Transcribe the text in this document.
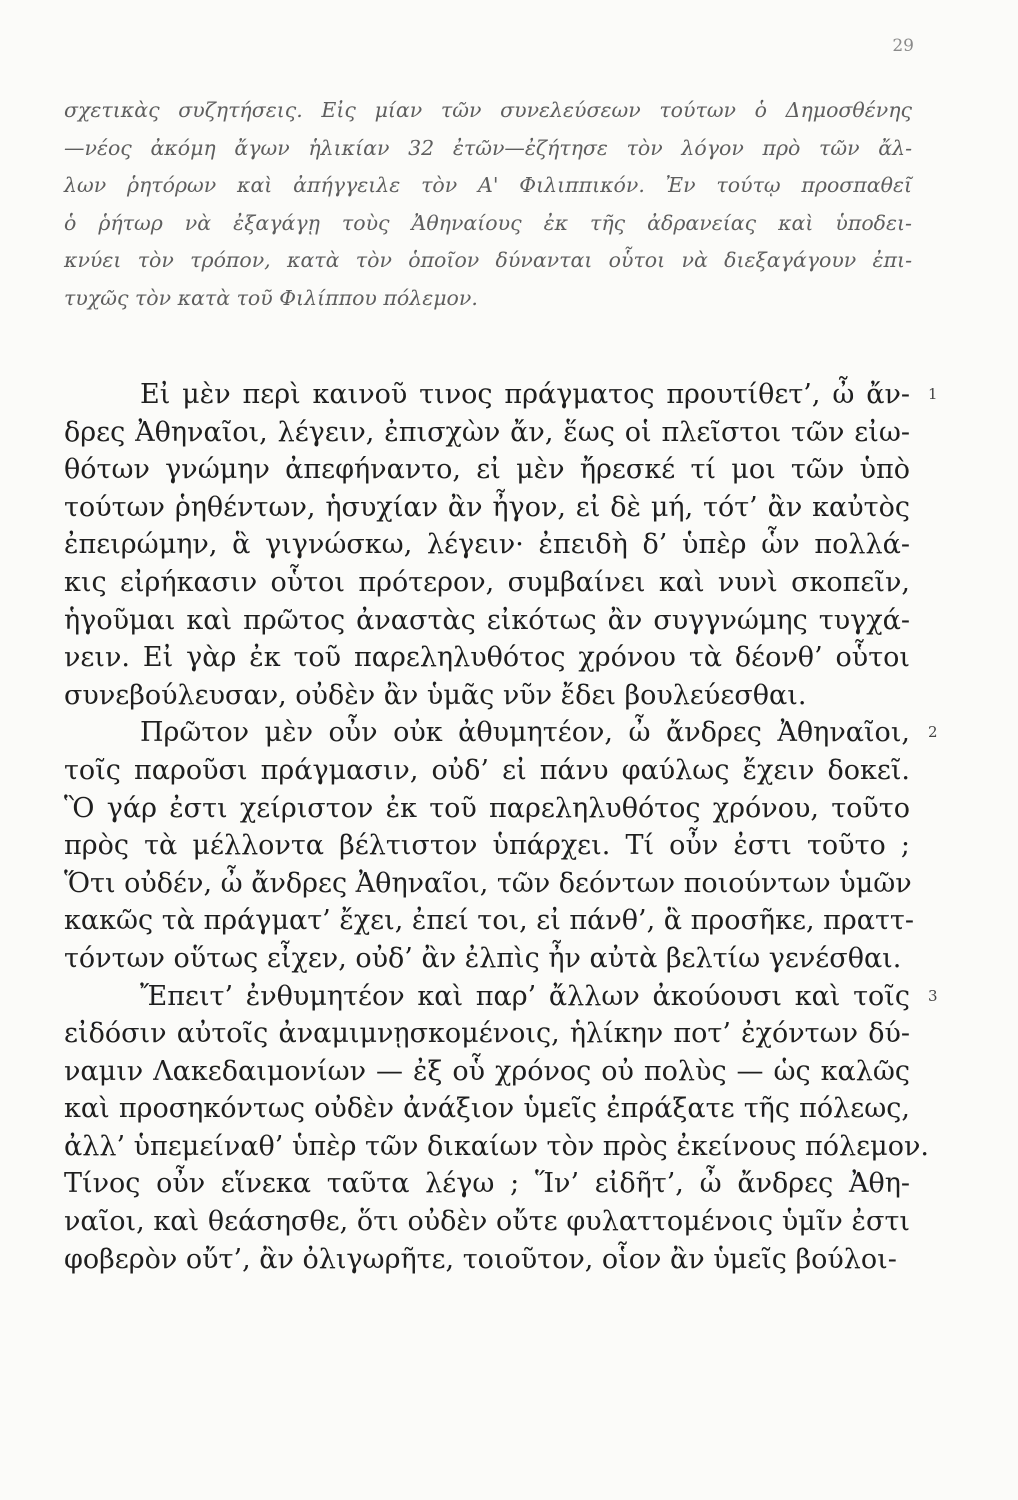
29
σχετικὰς συζητήσεις. Εἰς μίαν τῶν συνελεύσεων τούτων ὁ Δημοσθένης
—νέος ἀκόμη ἄγων ἡλικίαν 32 ἐτῶν—ἐζήτησε τὸν λόγον πρὸ τῶν ἄλ-
λων ῥητόρων καὶ ἀπήγγειλε τὸν Α' Φιλιππικόν. Ἐν τούτῳ προσπαθεῖ
ὁ ῥήτωρ νὰ ἐξαγάγῃ τοὺς Ἀθηναίους ἐκ τῆς ἀδρανείας καὶ ὑποδει-
κνύει τὸν τρόπον, κατὰ τὸν ὁποῖον δύνανται οὗτοι νὰ διεξαγάγουν ἐπι-
τυχῶς τὸν κατὰ τοῦ Φιλίππου πόλεμον.
1
Εἰ μὲν περὶ καινοῦ τινος πράγματος προυτίθετ’, ὦ ἄν-
δρες Ἀθηναῖοι, λέγειν, ἐπισχὼν ἄν, ἕως οἱ πλεῖστοι τῶν εἰω-
θότων γνώμην ἀπεφήναντο, εἰ μὲν ἤρεσκέ τί μοι τῶν ὑπὸ
τούτων ῥηθέντων, ἡσυχίαν ἂν ἦγον, εἰ δὲ μή, τότ’ ἂν καὐτὸς
ἐπειρώμην, ἃ γιγνώσκω, λέγειν· ἐπειδὴ δ’ ὑπὲρ ὧν πολλά-
κις εἰρήκασιν οὗτοι πρότερον, συμβαίνει καὶ νυνὶ σκοπεῖν,
ἡγοῦμαι καὶ πρῶτος ἀναστὰς εἰκότως ἂν συγγνώμης τυγχά-
νειν. Εἰ γὰρ ἐκ τοῦ παρεληλυθότος χρόνου τὰ δέονθ’ οὗτοι
συνεβούλευσαν, οὐδὲν ἂν ὑμᾶς νῦν ἔδει βουλεύεσθαι.
2
Πρῶτον μὲν οὖν οὐκ ἀθυμητέον, ὦ ἄνδρες Ἀθηναῖοι,
τοῖς παροῦσι πράγμασιν, οὐδ’ εἰ πάνυ φαύλως ἔχειν δοκεῖ.
Ὃ γάρ ἐστι χείριστον ἐκ τοῦ παρεληλυθότος χρόνου, τοῦτο
πρὸς τὰ μέλλοντα βέλτιστον ὑπάρχει. Τί οὖν ἐστι τοῦτο ;
Ὅτι οὐδέν, ὦ ἄνδρες Ἀθηναῖοι, τῶν δεόντων ποιούντων ὑμῶν
κακῶς τὰ πράγματ’ ἔχει, ἐπεί τοι, εἰ πάνθ’, ἃ προσῆκε, πραττ-
τόντων οὕτως εἶχεν, οὐδ’ ἂν ἐλπὶς ἦν αὐτὰ βελτίω γενέσθαι.
3
Ἔπειτ’ ἐνθυμητέον καὶ παρ’ ἄλλων ἀκούουσι καὶ τοῖς
εἰδόσιν αὐτοῖς ἀναμιμνῃσκομένοις, ἡλίκην ποτ’ ἐχόντων δύ-
ναμιν Λακεδαιμονίων — ἐξ οὗ χρόνος οὐ πολὺς — ὡς καλῶς
καὶ προσηκόντως οὐδὲν ἀνάξιον ὑμεῖς ἐπράξατε τῆς πόλεως,
ἀλλ’ ὑπεμείναθ’ ὑπὲρ τῶν δικαίων τὸν πρὸς ἐκείνους πόλεμον.
Τίνος οὖν εἵνεκα ταῦτα λέγω ; Ἵν’ εἰδῆτ’, ὦ ἄνδρες Ἀθη-
ναῖοι, καὶ θεάσησθε, ὅτι οὐδὲν οὔτε φυλαττομένοις ὑμῖν ἐστι
φοβερὸν οὔτ’, ἂν ὀλιγωρῆτε, τοιοῦτον, οἷον ἂν ὑμεῖς βούλοι-
